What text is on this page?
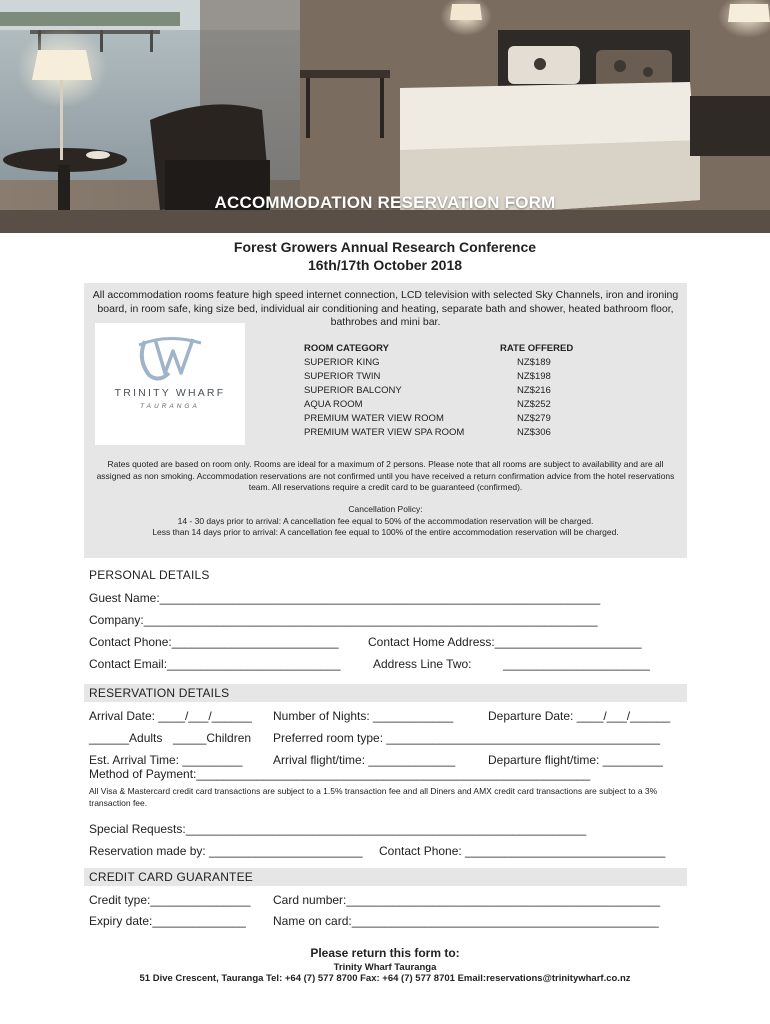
ACCOMMODATION RESERVATION FORM
Forest Growers Annual Research Conference
16th/17th October 2018
All accommodation rooms feature high speed internet connection, LCD television with selected Sky Channels, iron and ironing board, in room safe, king size bed, individual air conditioning and heating, separate bath and shower, heated bathroom floor, bathrobes and mini bar.
TRINITY WHARF
TAURANGA
ROOM CATEGORY	RATE OFFERED
SUPERIOR KING	NZ$189
SUPERIOR TWIN	NZ$198
SUPERIOR BALCONY	NZ$216
AQUA ROOM	NZ$252
PREMIUM WATER VIEW ROOM	NZ$279
PREMIUM WATER VIEW SPA ROOM	NZ$306
Rates quoted are based on room only. Rooms are ideal for a maximum of 2 persons. Please note that all rooms are subject to availability and are all assigned as non smoking. Accommodation reservations are not confirmed until you have received a return confirmation advice from the hotel reservations team. All reservations require a credit card to be guaranteed (confirmed).
Cancellation Policy:
14 - 30 days prior to arrival: A cancellation fee equal to 50% of the accommodation reservation will be charged.
Less than 14 days prior to arrival: A cancellation fee equal to 100% of the entire accommodation reservation will be charged.
PERSONAL DETAILS
Guest Name:__________________________________________________________________
Company:____________________________________________________________________
Contact Phone:_________________________ Contact Home Address:______________________
Contact Email:__________________________	Address Line Two:	______________________
RESERVATION DETAILS
Arrival Date: ____/___/______ Number of Nights: ____________	Departure Date: ____/___/______
______Adults _____Children Preferred room type: _________________________________________
Est. Arrival Time: _________	Arrival flight/time: _____________	Departure flight/time: _________
Method of Payment:___________________________________________________________
All Visa & Mastercard credit card transactions are subject to a 1.5% transaction fee and all Diners and AMX credit card transactions are subject to a 3% transaction fee.
Special Requests:____________________________________________________________
Reservation made by: _______________________ Contact Phone: ______________________________
CREDIT CARD GUARANTEE
Credit type:_______________ Card number:_______________________________________________
Expiry date:______________ Name on card:______________________________________________
Please return this form to:
Trinity Wharf Tauranga
51 Dive Crescent, Tauranga Tel: +64 (7) 577 8700 Fax: +64 (7) 577 8701 Email:reservations@trinitywharf.co.nz
